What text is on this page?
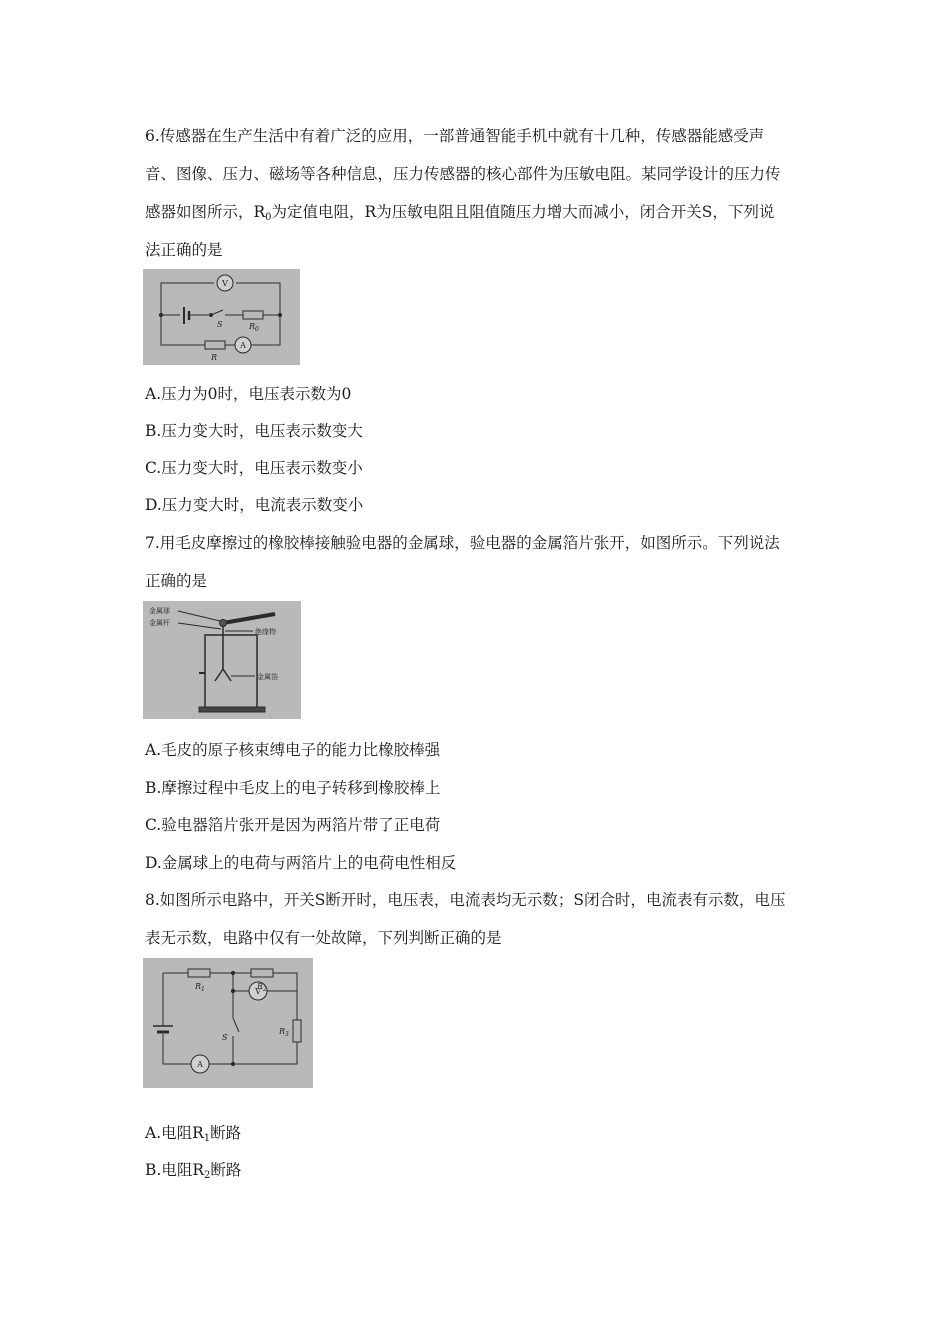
6.传感器在生产生活中有着广泛的应用，一部普通智能手机中就有十几种，传感器能感受声
音、图像、压力、磁场等各种信息，压力传感器的核心部件为压敏电阻。某同学设计的压力传
感器如图所示，$R_0$为定值电阻，R为压敏电阻且阻值随压力增大而减小，闭合开关S，下列说
法正确的是
V
A
S	$R_0$
R
A.压力为0时，电压表示数为0
B.压力变大时，电压表示数变大
C.压力变大时，电压表示数变小
D.压力变大时，电流表示数变小
7.用毛皮摩擦过的橡胶棒接触验电器的金属球，验电器的金属箔片张开，如图所示。下列说法
正确的是
金属球
金属杆
绝缘物
金属箔
A.毛皮的原子核束缚电子的能力比橡胶棒强
B.摩擦过程中毛皮上的电子转移到橡胶棒上
C.验电器箔片张开是因为两箔片带了正电荷
D.金属球上的电荷与两箔片上的电荷电性相反
8.如图所示电路中，开关S断开时，电压表，电流表均无示数；S闭合时，电流表有示数，电压
表无示数，电路中仅有一处故障，下列判断正确的是
V
A
S
$R_1$	$R_2$
$R_3$
A.电阻$R_1$断路
B.电阻$R_2$断路
